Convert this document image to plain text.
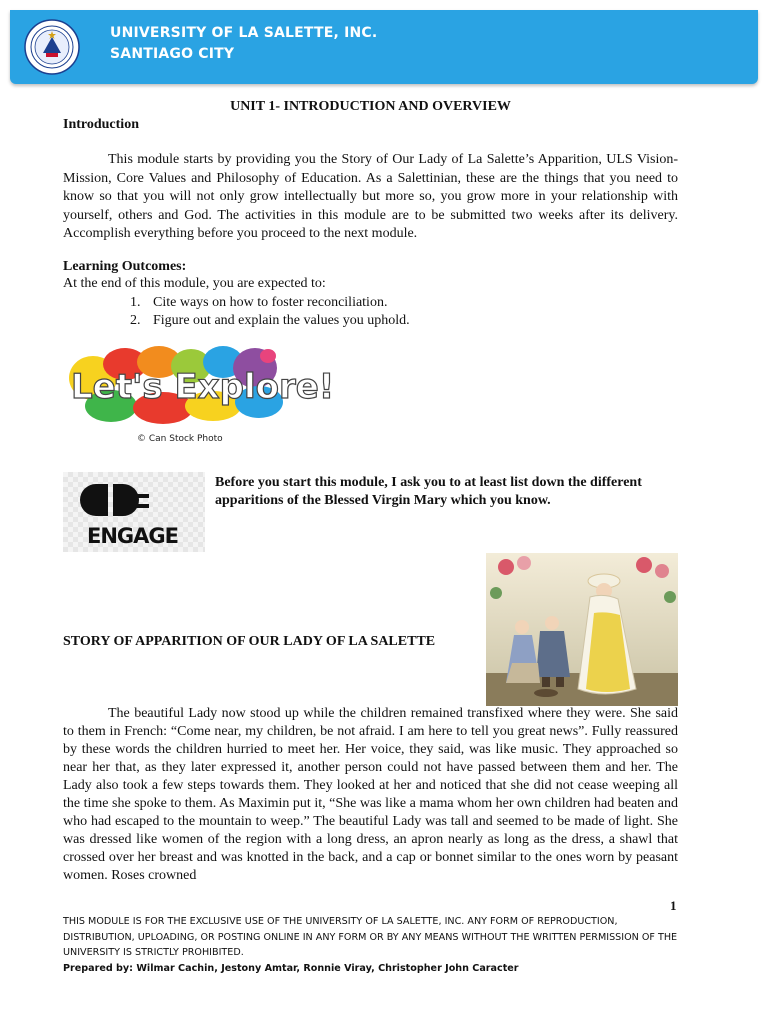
UNIVERSITY OF LA SALETTE, INC.
SANTIAGO CITY
UNIT 1- INTRODUCTION AND OVERVIEW
Introduction

This module starts by providing you the Story of Our Lady of La Salette’s Apparition, ULS Vision-Mission, Core Values and Philosophy of Education. As a Salettinian, these are the things that you need to know so that you will not only grow intellectually but more so, you grow more in your relationship with yourself, others and God. The activities in this module are to be submitted two weeks after its delivery. Accomplish everything before you proceed to the next module.

Learning Outcomes:
At the end of this module, you are expected to:
1. Cite ways on how to foster reconciliation.
2. Figure out and explain the values you uphold.
Let's Explore!
© Can Stock Photo
ENGAGE
Before you start this module, I ask you to at least list down the different apparitions of the Blessed Virgin Mary which you know.
STORY OF APPARITION OF OUR LADY OF LA SALETTE

The beautiful Lady now stood up while the children remained transfixed where they were. She said to them in French: “Come near, my children, be not afraid. I am here to tell you great news”. Fully reassured by these words the children hurried to meet her. Her voice, they said, was like music. They approached so near her that, as they later expressed it, another person could not have passed between them and her. The Lady also took a few steps towards them. They looked at her and noticed that she did not cease weeping all the time she spoke to them. As Maximin put it, “She was like a mama whom her own children had beaten and who had escaped to the mountain to weep.” The beautiful Lady was tall and seemed to be made of light. She was dressed like women of the region with a long dress, an apron nearly as long as the dress, a shawl that crossed over her breast and was knotted in the back, and a cap or bonnet similar to the ones worn by peasant women. Roses crowned

1
THIS MODULE IS FOR THE EXCLUSIVE USE OF THE UNIVERSITY OF LA SALETTE, INC. ANY FORM OF REPRODUCTION, DISTRIBUTION, UPLOADING, OR POSTING ONLINE IN ANY FORM OR BY ANY MEANS WITHOUT THE WRITTEN PERMISSION OF THE UNIVERSITY IS STRICTLY PROHIBITED.
Prepared by: Wilmar Cachin, Jestony Amtar, Ronnie Viray, Christopher John Caracter
